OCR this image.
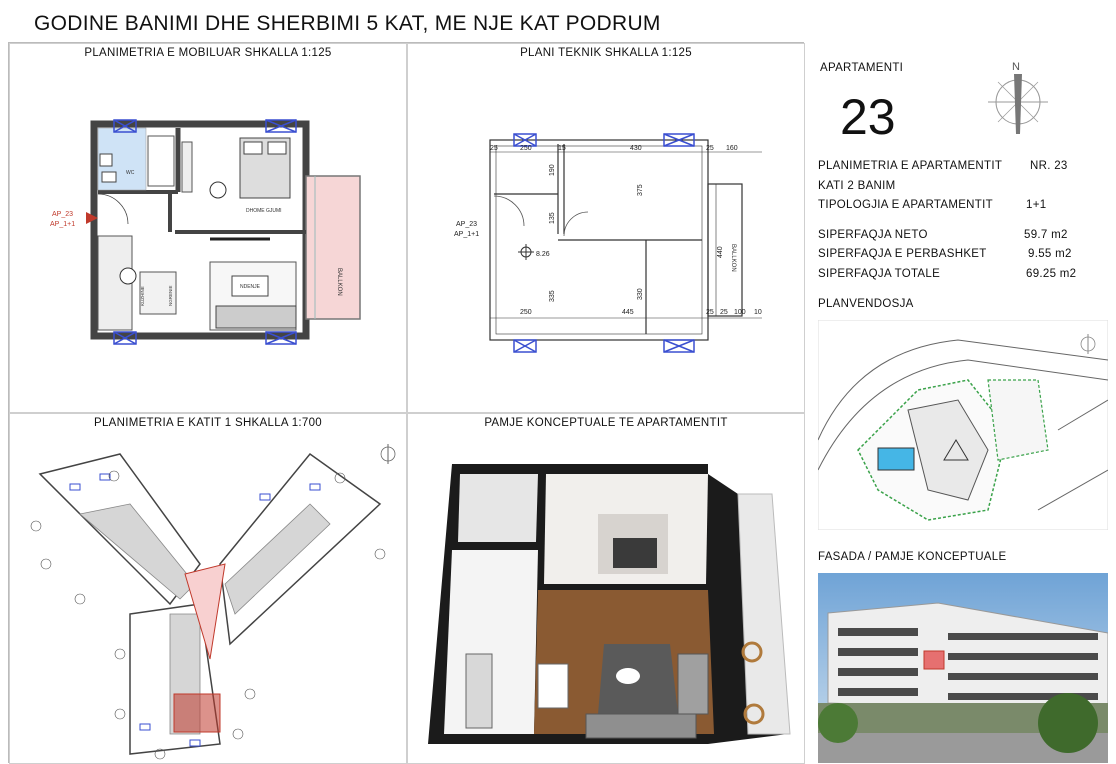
GODINE BANIMI DHE SHERBIMI 5 KAT, ME NJE KAT PODRUM
PLANIMETRIA E MOBILUAR SHKALLA 1:125
WC
DHOME GJUMI
NDENJE
KUZHINE	NGRENIE
BALLKON
AP_23
AP_1+1
PLANI TEKNIK SHKALLA 1:125
25	250	15	430	25 160
250	445	25 25 100 10
190
135
335
375
330
440
8.26	BALLKON
AP_23
AP_1+1
PLANIMETRIA E KATIT 1 SHKALLA 1:700	PAMJE KONCEPTUALE TE APARTAMENTIT
APARTAMENTI
23
N
PLANIMETRIA E APARTAMENTIT NR. 23
KATI 2 BANIM
TIPOLOGJIA E APARTAMENTIT	1+1
SIPERFAQJA NETO	59.7 m2
SIPERFAQJA E PERBASHKET	9.55 m2
SIPERFAQJA TOTALE	69.25 m2
PLANVENDOSJA
FASADA / PAMJE KONCEPTUALE
